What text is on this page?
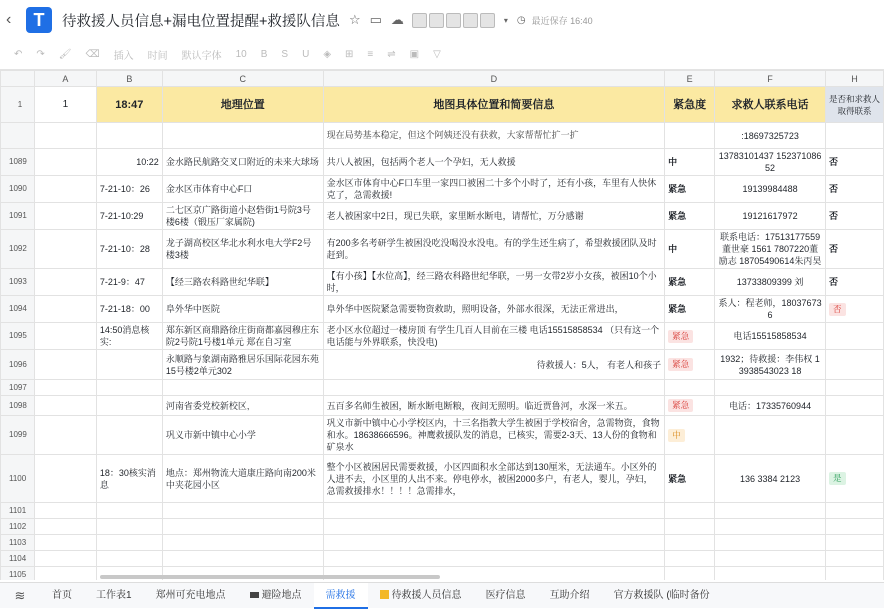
‹	T	待救援人员信息+漏电位置提醒+救援队信息 ☆ ▭ ☁	▾ ◷ 最近保存 16:40
↶ ↷ 🖌 ⌫ 插入 时间 默认字体 10 B S U ◈ ⊞ ≡ ⇌ ▣ ▽
	A	B	C	D	E	F	H
1	1	18:47	地理位置	地图具体位置和简要信息	紧急度	求救人联系电话	是否和求救人取得联系
				现在局势基本稳定，但这个阿姨还没有获救，大家帮帮忙扩一扩		:18697325723	
1089		10:22	金水路民航路交叉口附近的未来大球场	共八人被困，包括两个老人一个孕妇，无人救援	中	13783101437 15237108652	否
1090		7-21-10：26	金水区市体育中心F口	金水区市体育中心F口车里一家四口被困二十多个小时了，还有小孩，车里有人快休克了，急需救援!	紧急	19139984488	否
1091		7-21-10:29	二七区京广路街道小赵砦街1号院3号楼6楼（锻压厂家属院)	老人被困家中2日，现已失联，家里断水断电，请帮忙，万分感谢	紧急	19121617972	否
1092		7-21-10：28	龙子湖高校区华北水利水电大学F2号楼3楼	有200多名考研学生被困没吃没喝没水没电。有的学生还生病了，希望救援团队及时赶到。	中	联系电话：17513177559 董世豪 1561 7807220董励志 18705490614朱丙昊	否
1093		7-21-9：47	【经三路农科路世纪华联】	【有小孩】【水位高】，经三路农科路世纪华联，一男一女带2岁小女孩，被困10个小时，	紧急	13733809399 刘	否
1094		7-21-18：00	阜外华中医院	阜外华中医院紧急需要物资救助，照明设备，外部水很深，无法正常进出，	紧急	系人：程老师，180376736	否
1095		14:50消息核实:	郑东新区商鼎路徐庄街商都嘉园穆庄东院2号院1号楼1单元 郑在自习室	老小区水位超过一楼房顶 有学生几百人目前在三楼 电话15515858534 （只有这一个电话能与外界联系，快没电)	紧急	电话15515858534	
1096			永顺路与象湖南路雅居乐国际花园东苑15号楼2单元302	待救援人：5人， 有老人和孩子	紧急	1932；待救援：李伟权 13938543023 18	
1097							
1098			河南省委党校新校区,	五百多名师生被困，断水断电断粮，夜间无照明。临近贾鲁河，水深一米五。	紧急	电话：17335760944	
1099			巩义市新中镇中心小学	巩义市新中镇中心小学校区内，十三名指教大学生被困于学校宿舍，急需物资，食物和水。18638666596。神鹰救援队发的消息，已核实，需要2-3天、13人份的食物和矿泉水	中		
1100		18：30核实消息	地点：郑州物流大道康庄路向南200米中夹花园小区	整个小区被困居民需要救援，小区四面积水全部达到130厘米，无法通车。小区外的人进不去，小区里的人出不来。停电停水，被困2000多户，有老人，婴儿，孕妇，急需救援排水！！！！急需排水，	紧急	136 3384 2123	是
1101							
1102							
1103							
1104							
1105							
≋	首页	工作表1	郑州可充电地点	避险地点	需救援	待救援人员信息	医疗信息	互助介绍	官方救援队 (临时备份
